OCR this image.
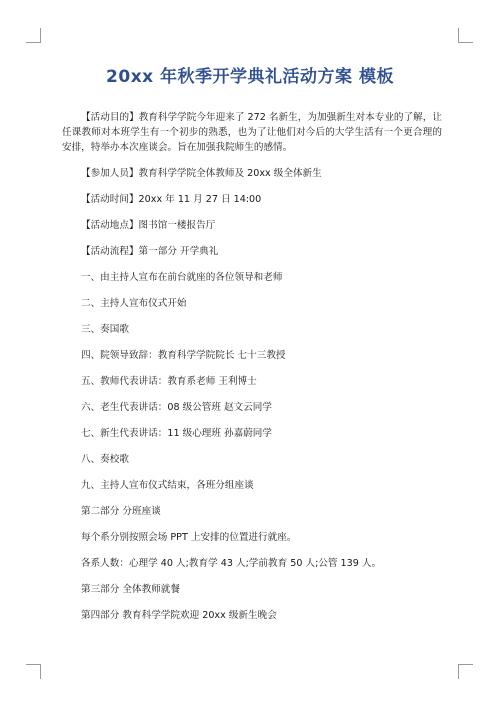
20xx 年秋季开学典礼活动方案 模板

【活动目的】教育科学学院今年迎来了 272 名新生，为加强新生对本专业的了解，让任课教师对本班学生有一个初步的熟悉，也为了让他们对今后的大学生活有一个更合理的安排，特举办本次座谈会。旨在加强我院师生的感情。

【参加人员】教育科学学院全体教师及 20xx 级全体新生

【活动时间】20xx 年 11 月 27 日 14:00

【活动地点】图书馆一楼报告厅

【活动流程】第一部分 开学典礼

一、由主持人宣布在前台就座的各位领导和老师

二、主持人宣布仪式开始

三、奏国歌

四、院领导致辞：教育科学学院院长 七十三教授

五、教师代表讲话：教育系老师 王利博士

六、老生代表讲话：08 级公管班 赵文云同学

七、新生代表讲话：11 级心理班 孙嘉蔚同学

八、奏校歌

九、主持人宣布仪式结束，各班分组座谈

第二部分 分班座谈

每个系分别按照会场 PPT 上安排的位置进行就座。

各系人数：心理学 40 人;教育学 43 人;学前教育 50 人;公管 139 人。

第三部分 全体教师就餐

第四部分 教育科学学院欢迎 20xx 级新生晚会
